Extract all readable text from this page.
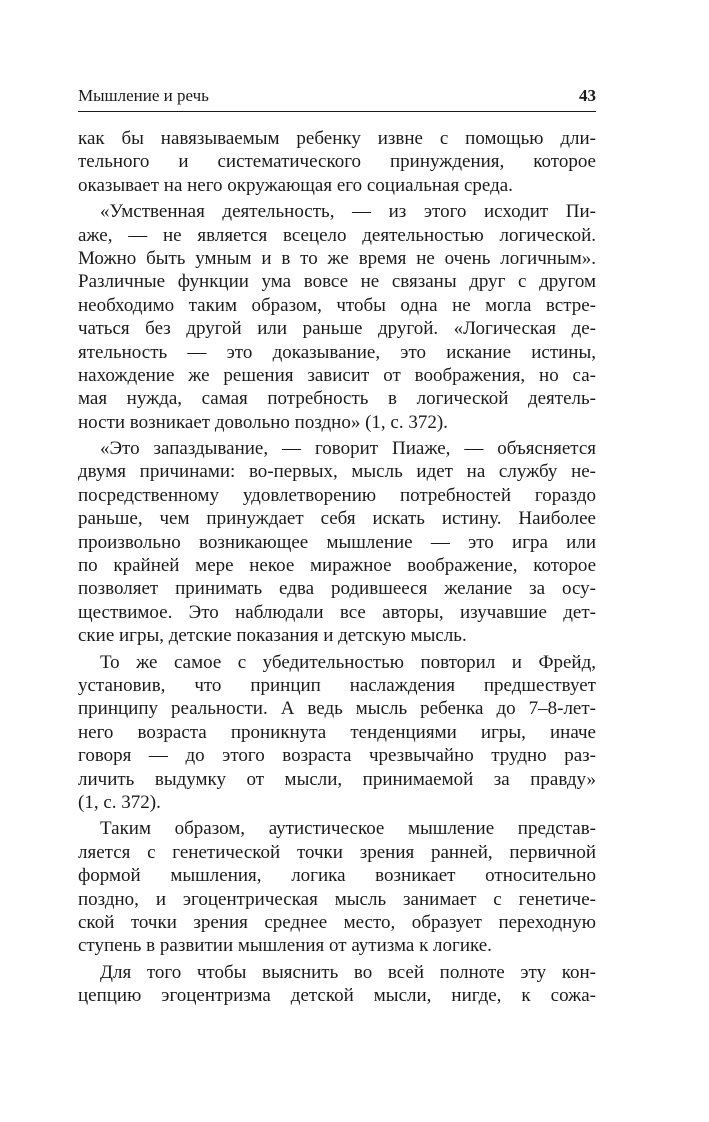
Мышление и речь	43
как бы навязываемым ребенку извне с помощью дли-
тельного и систематического принуждения, которое
оказывает на него окружающая его социальная среда.
«Умственная деятельность, — из этого исходит Пи-
аже, — не является всецело деятельностью логической.
Можно быть умным и в то же время не очень логичным».
Различные функции ума вовсе не связаны друг с другом
необходимо таким образом, чтобы одна не могла встре-
чаться без другой или раньше другой. «Логическая де-
ятельность — это доказывание, это искание истины,
нахождение же решения зависит от воображения, но са-
мая нужда, самая потребность в логической деятель-
ности возникает довольно поздно» (1, с. 372).
«Это запаздывание, — говорит Пиаже, — объясняется
двумя причинами: во-первых, мысль идет на службу не-
посредственному удовлетворению потребностей гораздо
раньше, чем принуждает себя искать истину. Наиболее
произвольно возникающее мышление — это игра или
по крайней мере некое миражное воображение, которое
позволяет принимать едва родившееся желание за осу-
ществимое. Это наблюдали все авторы, изучавшие дет-
ские игры, детские показания и детскую мысль.
То же самое с убедительностью повторил и Фрейд,
установив, что принцип наслаждения предшествует
принципу реальности. А ведь мысль ребенка до 7–8-лет-
него возраста проникнута тенденциями игры, иначе
говоря — до этого возраста чрезвычайно трудно раз-
личить выдумку от мысли, принимаемой за правду»
(1, с. 372).
Таким образом, аутистическое мышление представ-
ляется с генетической точки зрения ранней, первичной
формой мышления, логика возникает относительно
поздно, и эгоцентрическая мысль занимает с генетиче-
ской точки зрения среднее место, образует переходную
ступень в развитии мышления от аутизма к логике.
Для того чтобы выяснить во всей полноте эту кон-
цепцию эгоцентризма детской мысли, нигде, к сожа-
